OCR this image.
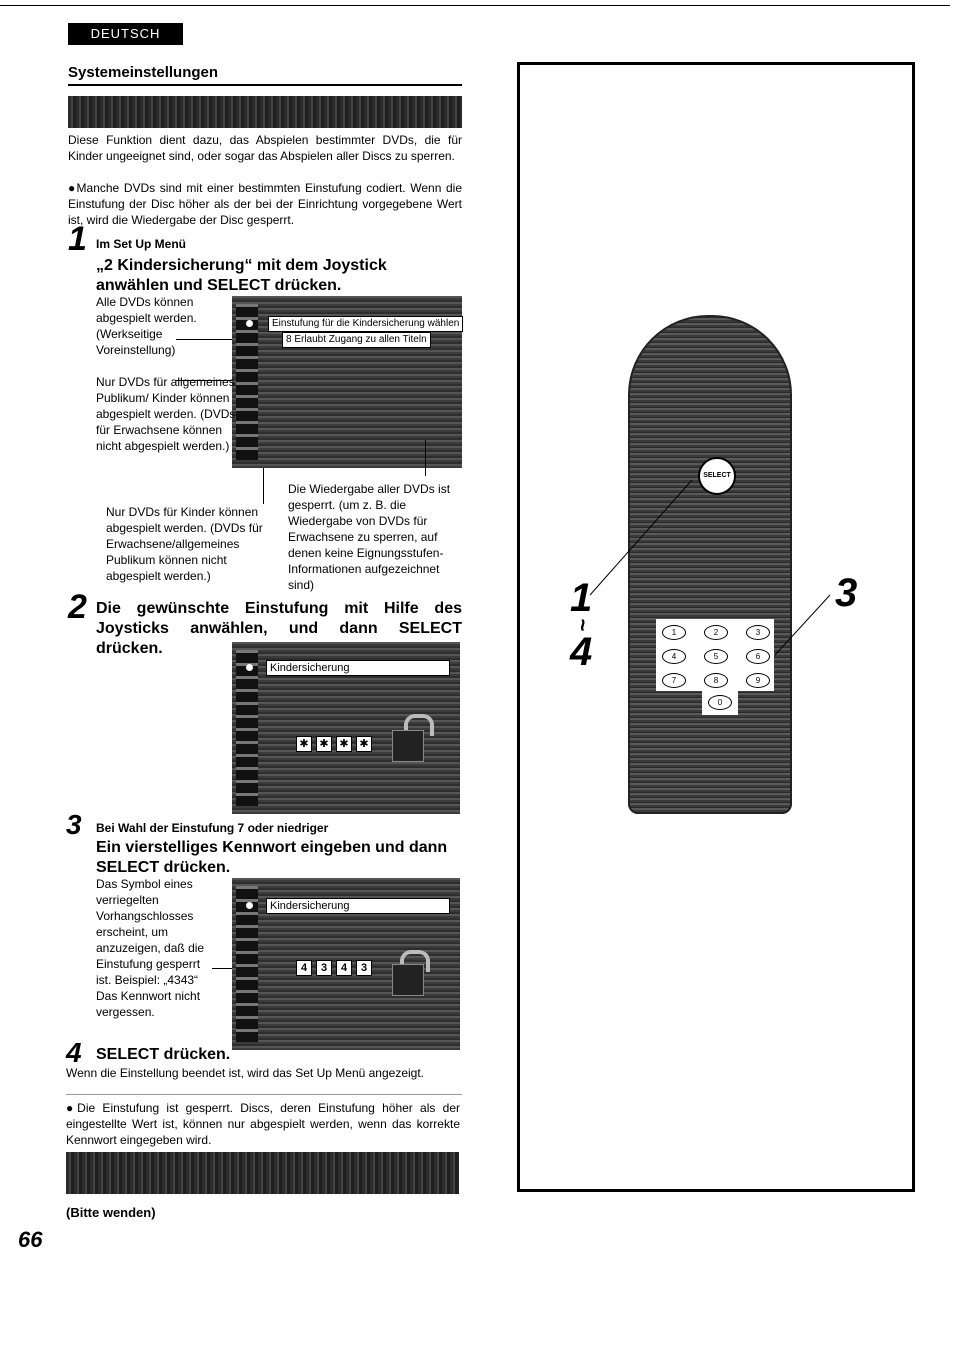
DEUTSCH
Systemeinstellungen
Diese Funktion dient dazu, das Abspielen bestimmter DVDs, die für Kinder ungeeignet sind, oder sogar das Abspielen aller Discs zu sperren.
●Manche DVDs sind mit einer bestimmten Einstufung codiert. Wenn die Einstufung der Disc höher als der bei der Einrichtung vorgegebene Wert ist, wird die Wiedergabe der Disc gesperrt.
1 Im Set Up Menü
„2 Kindersicherung“ mit dem Joystick anwählen und SELECT drücken.
Einstufung für die Kindersicherung wählen
8 Erlaubt Zugang zu allen Titeln
Alle DVDs können abgespielt werden. (Werkseitige Voreinstellung)
Nur DVDs für allgemeines Publikum/ Kinder können abgespielt werden. (DVDs für Erwachsene können nicht abgespielt werden.)
Nur DVDs für Kinder können abgespielt werden. (DVDs für Erwachsene/allgemeines Publikum können nicht abgespielt werden.)
Die Wiedergabe aller DVDs ist gesperrt. (um z. B. die Wiedergabe von DVDs für Erwachsene zu sperren, auf denen keine Eignungsstufen-Informationen aufgezeichnet sind)
2 Die gewünschte Einstufung mit Hilfe des Joysticks anwählen, und dann SELECT drücken.
Kindersicherung
✱ ✱ ✱ ✱
3 Bei Wahl der Einstufung 7 oder niedriger
Ein vierstelliges Kennwort eingeben und dann SELECT drücken.
Kindersicherung
4	3	4	3
Das Symbol eines verriegelten Vorhangschlosses erscheint, um anzuzeigen, daß die Einstufung gesperrt ist. Beispiel: „4343“ Das Kennwort nicht vergessen.
4 SELECT drücken.
Wenn die Einstellung beendet ist, wird das Set Up Menü angezeigt.
●Die Einstufung ist gesperrt. Discs, deren Einstufung höher als der eingestellte Wert ist, können nur abgespielt werden, wenn das korrekte Kennwort eingegeben wird.
(Bitte wenden)
66
SELECT
1	2	3
4	5	6
7	8	9
0
1
~
4
3
